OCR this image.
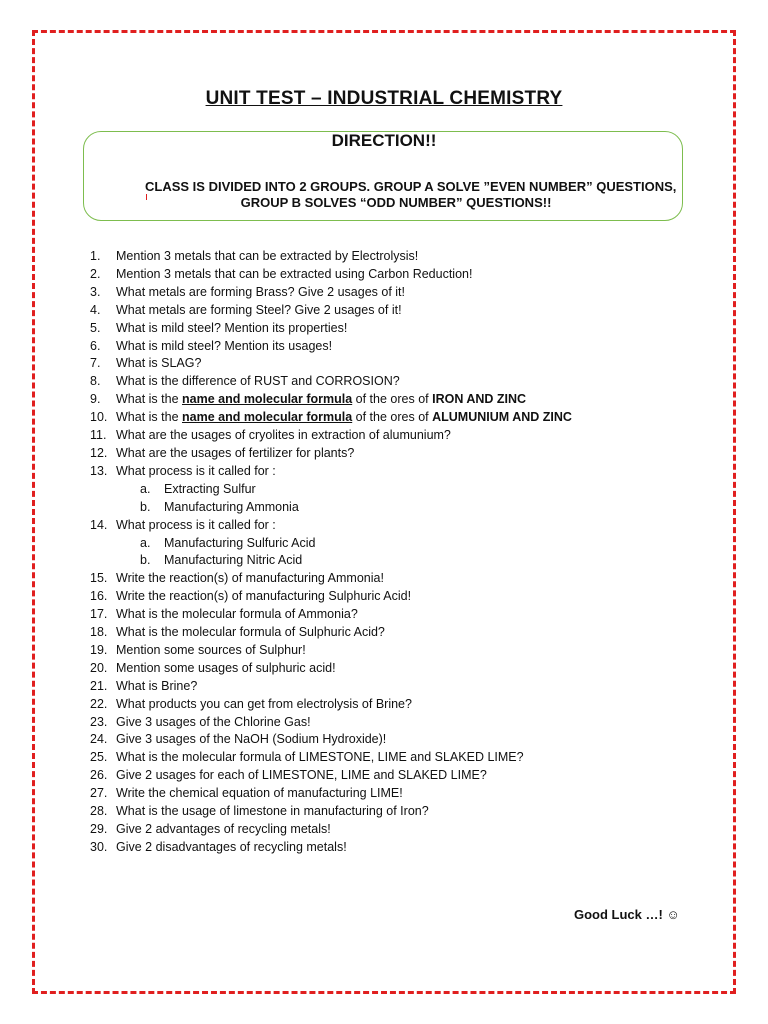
UNIT TEST – INDUSTRIAL CHEMISTRY
DIRECTION!!
CLASS IS DIVIDED INTO 2 GROUPS. GROUP A SOLVE ”EVEN NUMBER” QUESTIONS,
GROUP B SOLVES “ODD NUMBER” QUESTIONS!!
1. Mention 3 metals that can be extracted by Electrolysis!
2. Mention 3 metals that can be extracted using Carbon Reduction!
3. What metals are forming Brass? Give 2 usages of it!
4. What metals are forming Steel? Give 2 usages of it!
5. What is mild steel? Mention its properties!
6. What is mild steel? Mention its usages!
7. What is SLAG?
8. What is the difference of RUST and CORROSION?
9. What is the name and molecular formula of the ores of IRON AND ZINC
10. What is the name and molecular formula of the ores of ALUMUNIUM AND ZINC
11. What are the usages of cryolites in extraction of alumunium?
12. What are the usages of fertilizer for plants?
13. What process is it called for :
a. Extracting Sulfur
b. Manufacturing Ammonia
14. What process is it called for :
a. Manufacturing Sulfuric Acid
b. Manufacturing Nitric Acid
15. Write the reaction(s) of manufacturing Ammonia!
16. Write the reaction(s) of manufacturing Sulphuric Acid!
17. What is the molecular formula of Ammonia?
18. What is the molecular formula of Sulphuric Acid?
19. Mention some sources of Sulphur!
20. Mention some usages of sulphuric acid!
21. What is Brine?
22. What products you can get from electrolysis of Brine?
23. Give 3 usages of the Chlorine Gas!
24. Give 3 usages of the NaOH (Sodium Hydroxide)!
25. What is the molecular formula of LIMESTONE, LIME and SLAKED LIME?
26. Give 2 usages for each of LIMESTONE, LIME and SLAKED LIME?
27. Write the chemical equation of manufacturing LIME!
28. What is the usage of limestone in manufacturing of Iron?
29. Give 2 advantages of recycling metals!
30. Give 2 disadvantages of recycling metals!
Good Luck …! ☺
